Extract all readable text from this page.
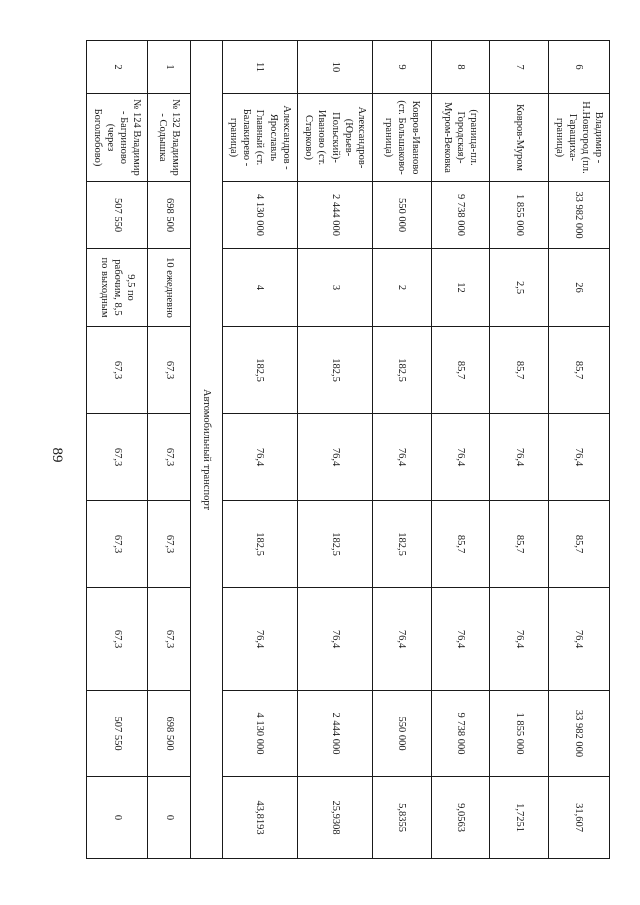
89
6	Владимир - Н.Новгород (пл. Гаращиха-граница)	33 982 000	26	85,7	76,4	85,7	76,4	33 982 000	31,607
7	Ковров-Муром	1 855 000	2,5	85,7	76,4	85,7	76,4	1 855 000	1,7251
8	(граница-пл. Городская)-Муром-Вековка	9 738 000	12	85,7	76,4	85,7	76,4	9 738 000	9,0563
9	Ковров-Иваново (ст. Большаково-граница)	550 000	2	182,5	76,4	182,5	76,4	550 000	5,8355
10	Александров-(Юрьев-Польский)-Иваново (ст. Старково)	2 444 000	3	182,5	76,4	182,5	76,4	2 444 000	25,9308
11	Александров - Ярославль Главный (ст. Балакирево - граница)	4 130 000	4	182,5	76,4	182,5	76,4	4 130 000	43,8193
Автомобильный транспорт									
1	№ 132 Владимир - Содышка	698 500	10 ежедневно	67,3	67,3	67,3	67,3	698 500	0
2	№ 124 Владимир - Багриново (через Боголюбово)	507 550	9,5 по рабочим, 8,5 по выходным	67,3	67,3	67,3	67,3	507 550	0
